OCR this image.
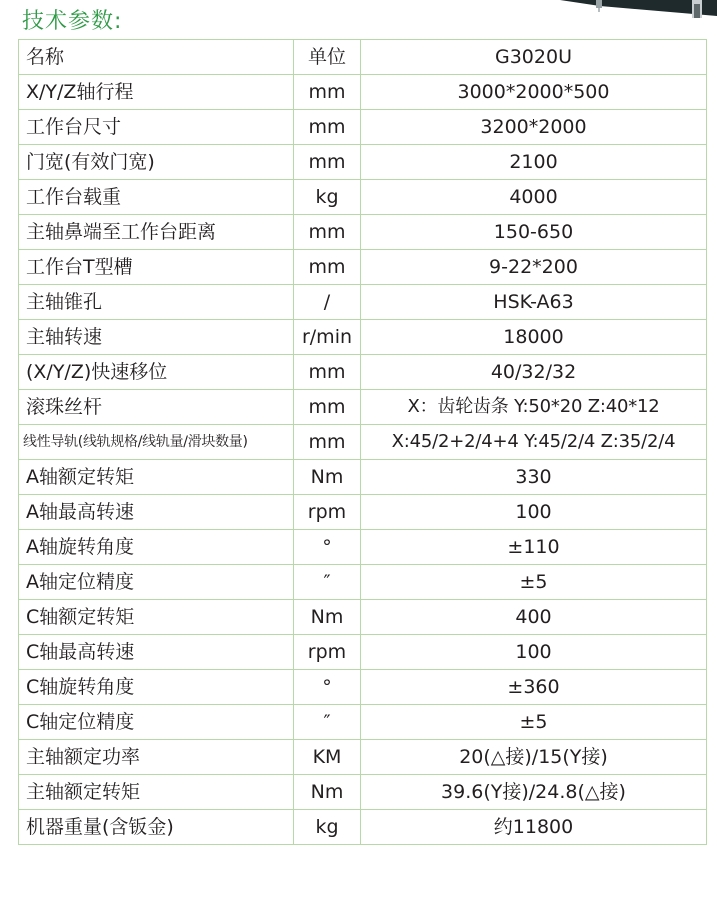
技术参数:
名称	单位	G3020U
X/Y/Z轴行程	mm	3000*2000*500
工作台尺寸	mm	3200*2000
门宽(有效门宽)	mm	2100
工作台载重	kg	4000
主轴鼻端至工作台距离	mm	150-650
工作台T型槽	mm	9-22*200
主轴锥孔	/	HSK-A63
主轴转速	r/min	18000
(X/Y/Z)快速移位	mm	40/32/32
滚珠丝杆	mm	X：齿轮齿条 Y:50*20 Z:40*12
线性导轨(线轨规格/线轨量/滑块数量)	mm	X:45/2+2/4+4 Y:45/2/4 Z:35/2/4
A轴额定转矩	Nm	330
A轴最高转速	rpm	100
A轴旋转角度	°	±110
A轴定位精度	″	±5
C轴额定转矩	Nm	400
C轴最高转速	rpm	100
C轴旋转角度	°	±360
C轴定位精度	″	±5
主轴额定功率	KM	20(△接)/15(Y接)
主轴额定转矩	Nm	39.6(Y接)/24.8(△接)
机器重量(含钣金)	kg	约11800
